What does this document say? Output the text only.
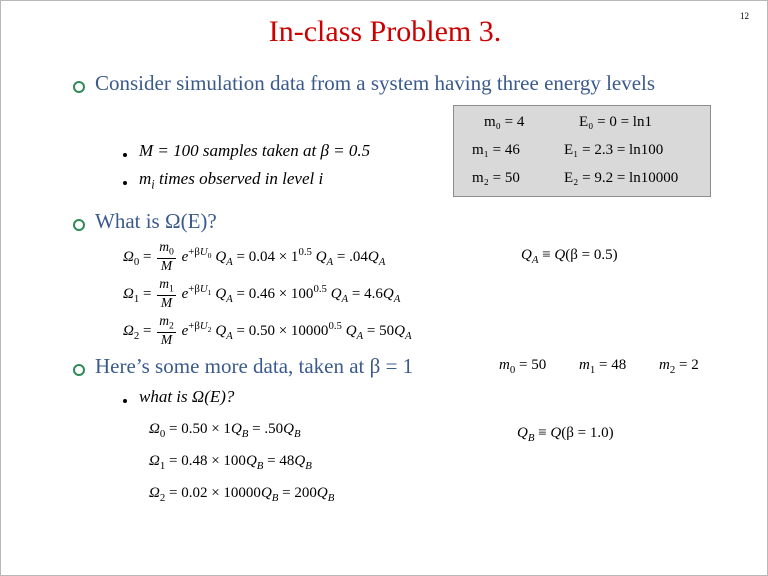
12
In-class Problem 3.
Consider simulation data from a system having three energy levels
m₀ = 4	E₀ = 0 = ln1
m₁ = 46	E₁ = 2.3 = ln100
m₂ = 50	E₂ = 9.2 = ln10000
M = 100 samples taken at β = 0.5
$m_i$ times observed in level i
What is Ω(E)?
$\Omega_0 = \frac{m_0}{M} e^{+\beta U_0}$ $Q_A = 0.04 \times 1^{0.5}$ $Q_A = .04Q_A$
$\Omega_1 = \frac{m_1}{M} e^{+\beta U_1}$ $Q_A = 0.46 \times 100^{0.5}$ $Q_A = 4.6Q_A$
$\Omega_2 = \frac{m_2}{M} e^{+\beta U_2}$ $Q_A = 0.50 \times 10000^{0.5}$ $Q_A = 50Q_A$
$Q_A \equiv Q(\beta = 0.5)$
Here’s some more data, taken at β = 1	$m_0 = 50$ $m_1 = 48$ $m_2 = 2$
what is Ω(E)?
$\Omega_0 = 0.50 \times 1Q_B = .50Q_B$
$\Omega_1 = 0.48 \times 100Q_B = 48Q_B$
$\Omega_2 = 0.02 \times 10000Q_B = 200Q_B$
$Q_B \equiv Q(\beta = 1.0)$
